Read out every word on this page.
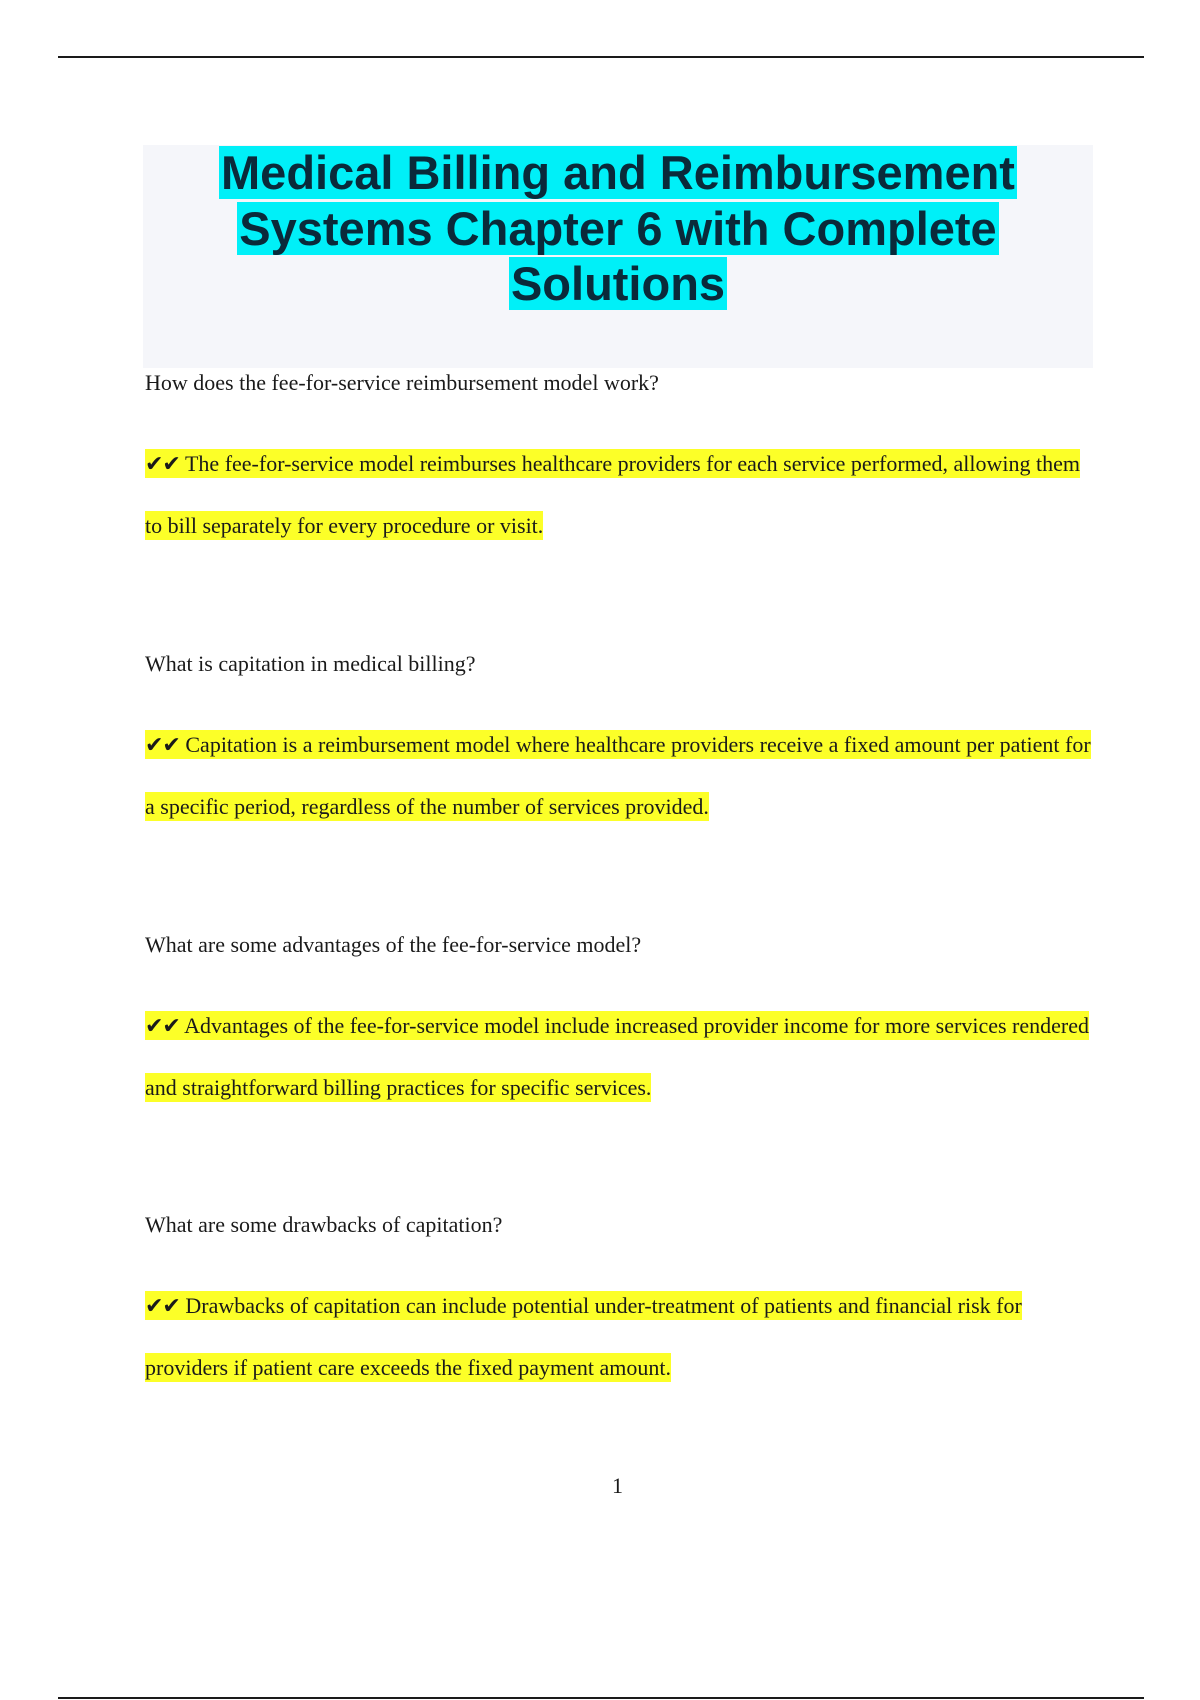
Medical Billing and Reimbursement
Systems Chapter 6 with Complete
Solutions

How does the fee-for-service reimbursement model work?

✔✔ The fee-for-service model reimburses healthcare providers for each service performed, allowing them to bill separately for every procedure or visit.

What is capitation in medical billing?

✔✔ Capitation is a reimbursement model where healthcare providers receive a fixed amount per patient for a specific period, regardless of the number of services provided.

What are some advantages of the fee-for-service model?

✔✔ Advantages of the fee-for-service model include increased provider income for more services rendered and straightforward billing practices for specific services.

What are some drawbacks of capitation?

✔✔ Drawbacks of capitation can include potential under-treatment of patients and financial risk for providers if patient care exceeds the fixed payment amount.

1
